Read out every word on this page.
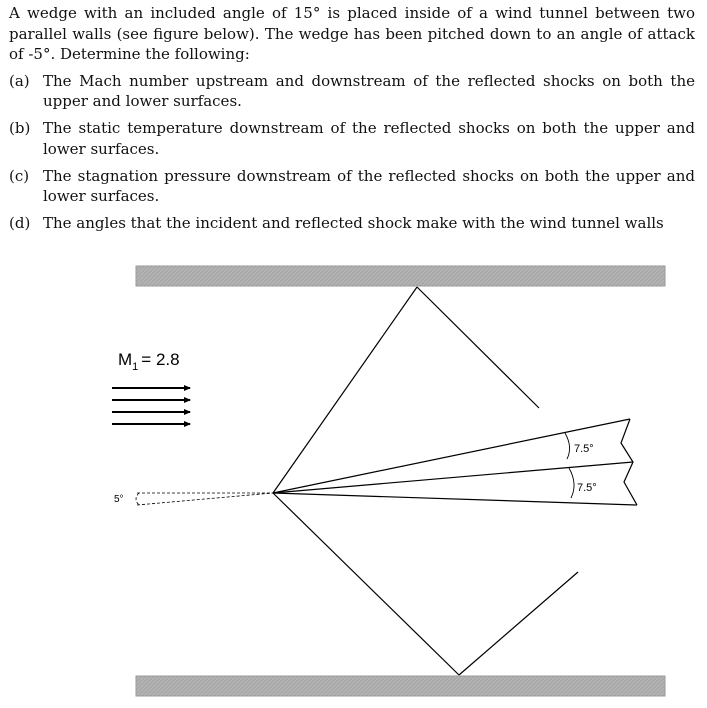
A wedge with an included angle of 15° is placed inside of a wind tunnel between two parallel walls (see figure below). The wedge has been pitched down to an angle of attack of -5°. Determine the following:

(a) The Mach number upstream and downstream of the reflected shocks on both the upper and lower surfaces.
(b) The static temperature downstream of the reflected shocks on both the upper and lower surfaces.
(c) The stagnation pressure downstream of the reflected shocks on both the upper and lower surfaces.
(d) The angles that the incident and reflected shock make with the wind tunnel walls
$M_1 = 2.8$
5°
7.5°
7.5°
